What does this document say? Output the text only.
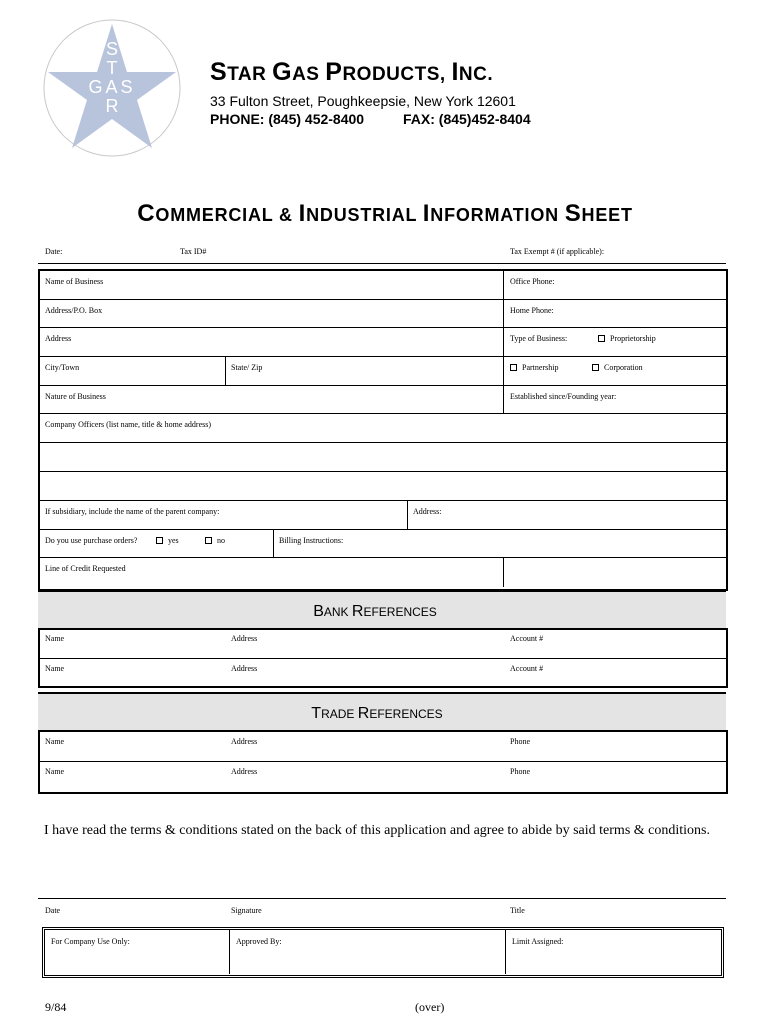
S
T
GAS
R
STAR GAS PRODUCTS, INC.
33 Fulton Street, Poughkeepsie, New York 12601
PHONE: (845) 452-8400	FAX: (845)452-8404
COMMERCIAL & INDUSTRIAL INFORMATION SHEET
Date:	Tax ID#	Tax Exempt # (if applicable):
Name of Business	Office Phone:
Address/P.O. Box	Home Phone:
Address	Type of Business:	Proprietorship
City/Town	State/ Zip	Partnership	Corporation
Nature of Business	Established since/Founding year:
Company Officers (list name, title & home address)
If subsidiary, include the name of the parent company:	Address:
Do you use purchase orders?	yes	no	Billing Instructions:
Line of Credit Requested
BANK REFERENCES
Name	Address	Account #
Name	Address	Account #
TRADE REFERENCES
Name	Address	Phone
Name	Address	Phone
I have read the terms & conditions stated on the back of this application and agree to abide by said terms & conditions.
Date	Signature	Title
For Company Use Only:	Approved By:	Limit Assigned:
9/84	(over)
